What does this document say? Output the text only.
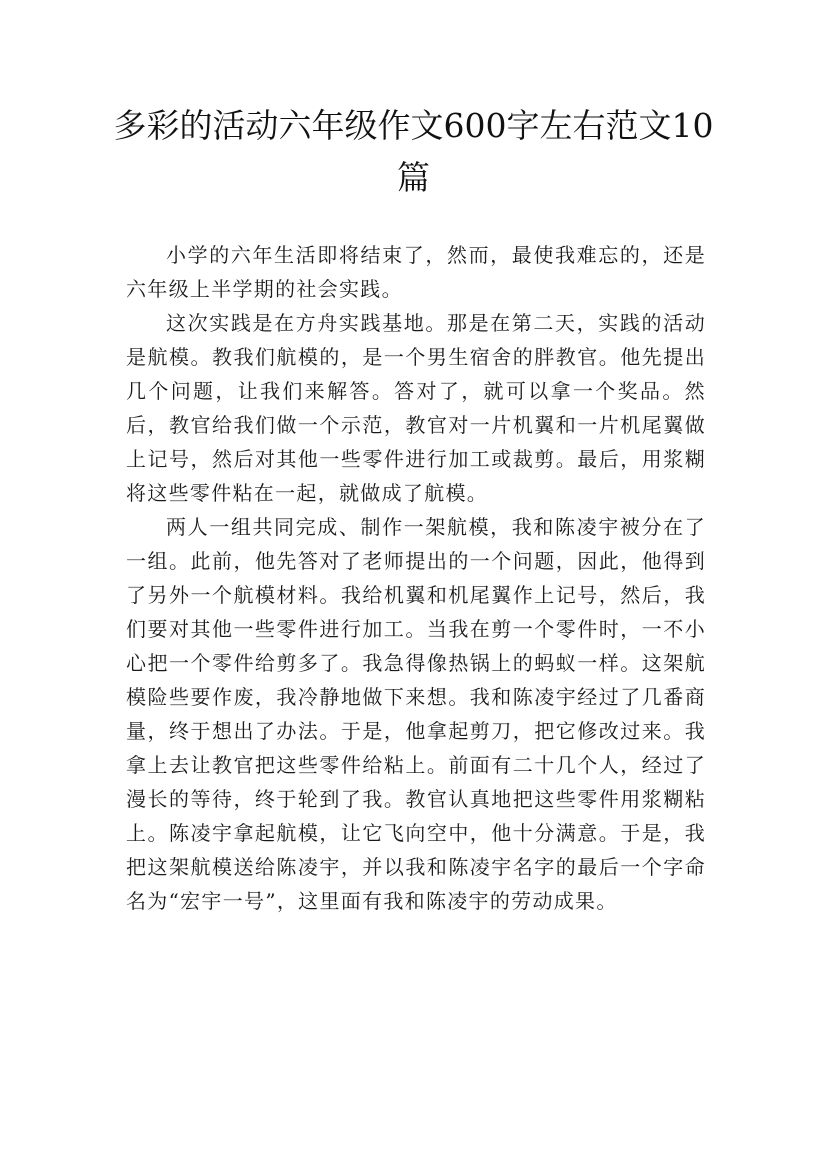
多彩的活动六年级作文600字左右范文10篇

小学的六年生活即将结束了，然而，最使我难忘的，还是六年级上半学期的社会实践。

这次实践是在方舟实践基地。那是在第二天，实践的活动是航模。教我们航模的，是一个男生宿舍的胖教官。他先提出几个问题，让我们来解答。答对了，就可以拿一个奖品。然后，教官给我们做一个示范，教官对一片机翼和一片机尾翼做上记号，然后对其他一些零件进行加工或裁剪。最后，用浆糊将这些零件粘在一起，就做成了航模。

两人一组共同完成、制作一架航模，我和陈凌宇被分在了一组。此前，他先答对了老师提出的一个问题，因此，他得到了另外一个航模材料。我给机翼和机尾翼作上记号，然后，我们要对其他一些零件进行加工。当我在剪一个零件时，一不小心把一个零件给剪多了。我急得像热锅上的蚂蚁一样。这架航模险些要作废，我冷静地做下来想。我和陈凌宇经过了几番商量，终于想出了办法。于是，他拿起剪刀，把它修改过来。我拿上去让教官把这些零件给粘上。前面有二十几个人，经过了漫长的等待，终于轮到了我。教官认真地把这些零件用浆糊粘上。陈凌宇拿起航模，让它飞向空中，他十分满意。于是，我把这架航模送给陈凌宇，并以我和陈凌宇名字的最后一个字命名为“宏宇一号”，这里面有我和陈凌宇的劳动成果。
